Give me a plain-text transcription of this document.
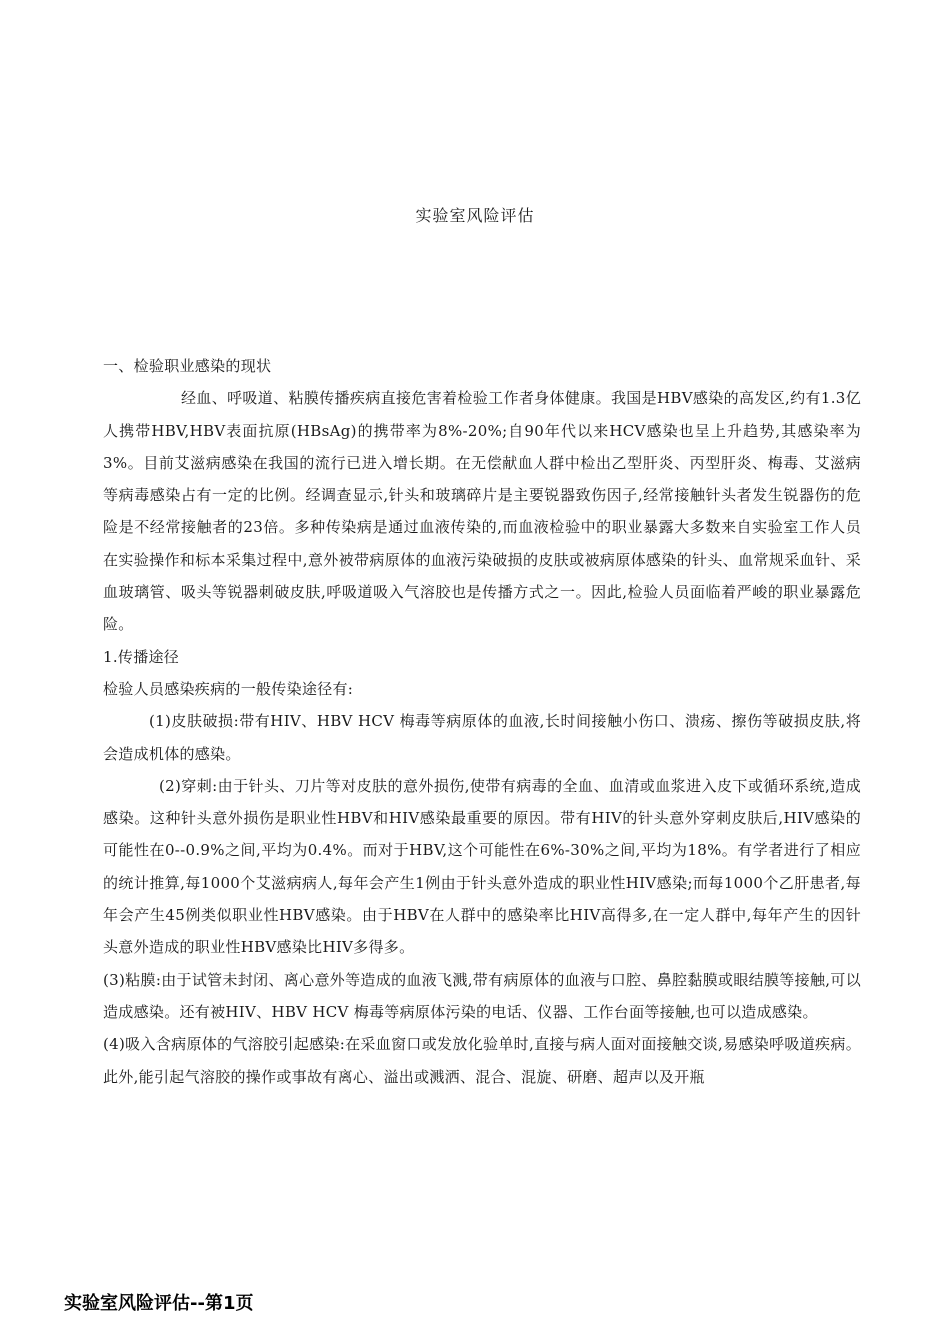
实验室风险评估

一、检验职业感染的现状

经血、呼吸道、粘膜传播疾病直接危害着检验工作者身体健康。我国是HBV感染的高发区,约有1.3亿人携带HBV,HBV表面抗原(HBsAg)的携带率为8%-20%;自90年代以来HCV感染也呈上升趋势,其感染率为3%。目前艾滋病感染在我国的流行已进入增长期。在无偿献血人群中检出乙型肝炎、丙型肝炎、梅毒、艾滋病等病毒感染占有一定的比例。经调查显示,针头和玻璃碎片是主要锐器致伤因子,经常接触针头者发生锐器伤的危险是不经常接触者的23倍。多种传染病是通过血液传染的,而血液检验中的职业暴露大多数来自实验室工作人员在实验操作和标本采集过程中,意外被带病原体的血液污染破损的皮肤或被病原体感染的针头、血常规采血针、采血玻璃管、吸头等锐器刺破皮肤,呼吸道吸入气溶胶也是传播方式之一。因此,检验人员面临着严峻的职业暴露危险。

1.传播途径

检验人员感染疾病的一般传染途径有:

(1)皮肤破损:带有HIV、HBV HCV 梅毒等病原体的血液,长时间接触小伤口、溃疡、擦伤等破损皮肤,将会造成机体的感染。

(2)穿刺:由于针头、刀片等对皮肤的意外损伤,使带有病毒的全血、血清或血浆进入皮下或循环系统,造成感染。这种针头意外损伤是职业性HBV和HIV感染最重要的原因。带有HIV的针头意外穿刺皮肤后,HIV感染的可能性在0--0.9%之间,平均为0.4%。而对于HBV,这个可能性在6%-30%之间,平均为18%。有学者进行了相应的统计推算,每1000个艾滋病病人,每年会产生1例由于针头意外造成的职业性HIV感染;而每1000个乙肝患者,每年会产生45例类似职业性HBV感染。由于HBV在人群中的感染率比HIV高得多,在一定人群中,每年产生的因针头意外造成的职业性HBV感染比HIV多得多。

(3)粘膜:由于试管未封闭、离心意外等造成的血液飞溅,带有病原体的血液与口腔、鼻腔黏膜或眼结膜等接触,可以造成感染。还有被HIV、HBV HCV 梅毒等病原体污染的电话、仪器、工作台面等接触,也可以造成感染。

(4)吸入含病原体的气溶胶引起感染:在采血窗口或发放化验单时,直接与病人面对面接触交谈,易感染呼吸道疾病。此外,能引起气溶胶的操作或事故有离心、溢出或溅洒、混合、混旋、研磨、超声以及开瓶

实验室风险评估--第1页
